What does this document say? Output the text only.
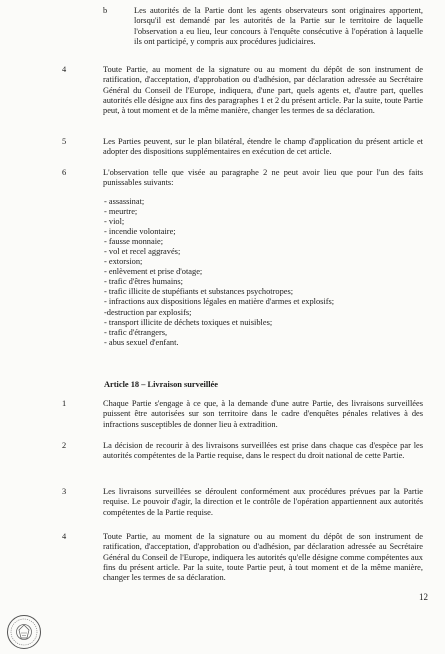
b	Les autorités de la Partie dont les agents observateurs sont originaires apportent, lorsqu'il est demandé par les autorités de la Partie sur le territoire de laquelle l'observation a eu lieu, leur concours à l'enquête consécutive à l'opération à laquelle ils ont participé, y compris aux procédures judiciaires.
4	Toute Partie, au moment de la signature ou au moment du dépôt de son instrument de ratification, d'acceptation, d'approbation ou d'adhésion, par déclaration adressée au Secrétaire Général du Conseil de l'Europe, indiquera, d'une part, quels agents et, d'autre part, quelles autorités elle désigne aux fins des paragraphes 1 et 2 du présent article. Par la suite, toute Partie peut, à tout moment et de la même manière, changer les termes de sa déclaration.
5	Les Parties peuvent, sur le plan bilatéral, étendre le champ d'application du présent article et adopter des dispositions supplémentaires en exécution de cet article.
6	L'observation telle que visée au paragraphe 2 ne peut avoir lieu que pour l'un des faits punissables suivants:
- assassinat;
- meurtre;
- viol;
- incendie volontaire;
- fausse monnaie;
- vol et recel aggravés;
- extorsion;
- enlèvement et prise d'otage;
- trafic d'êtres humains;
- trafic illicite de stupéfiants et substances psychotropes;
- infractions aux dispositions légales en matière d'armes et explosifs;
-destruction par explosifs;
- transport illicite de déchets toxiques et nuisibles;
- trafic d'étrangers,
- abus sexuel d'enfant.
Article 18 – Livraison surveillée
1	Chaque Partie s'engage à ce que, à la demande d'une autre Partie, des livraisons surveillées puissent être autorisées sur son territoire dans le cadre d'enquêtes pénales relatives à des infractions susceptibles de donner lieu à extradition.
2	La décision de recourir à des livraisons surveillées est prise dans chaque cas d'espèce par les autorités compétentes de la Partie requise, dans le respect du droit national de cette Partie.
3	Les livraisons surveillées se déroulent conformément aux procédures prévues par la Partie requise. Le pouvoir d'agir, la direction et le contrôle de l'opération appartiennent aux autorités compétentes de la Partie requise.
4	Toute Partie, au moment de la signature ou au moment du dépôt de son instrument de ratification, d'acceptation, d'approbation ou d'adhésion, par déclaration adressée au Secrétaire Général du Conseil de l'Europe, indiquera les autorités qu'elle désigne comme compétentes aux fins du présent article. Par la suite, toute Partie peut, à tout moment et de la même manière, changer les termes de sa déclaration.
12
